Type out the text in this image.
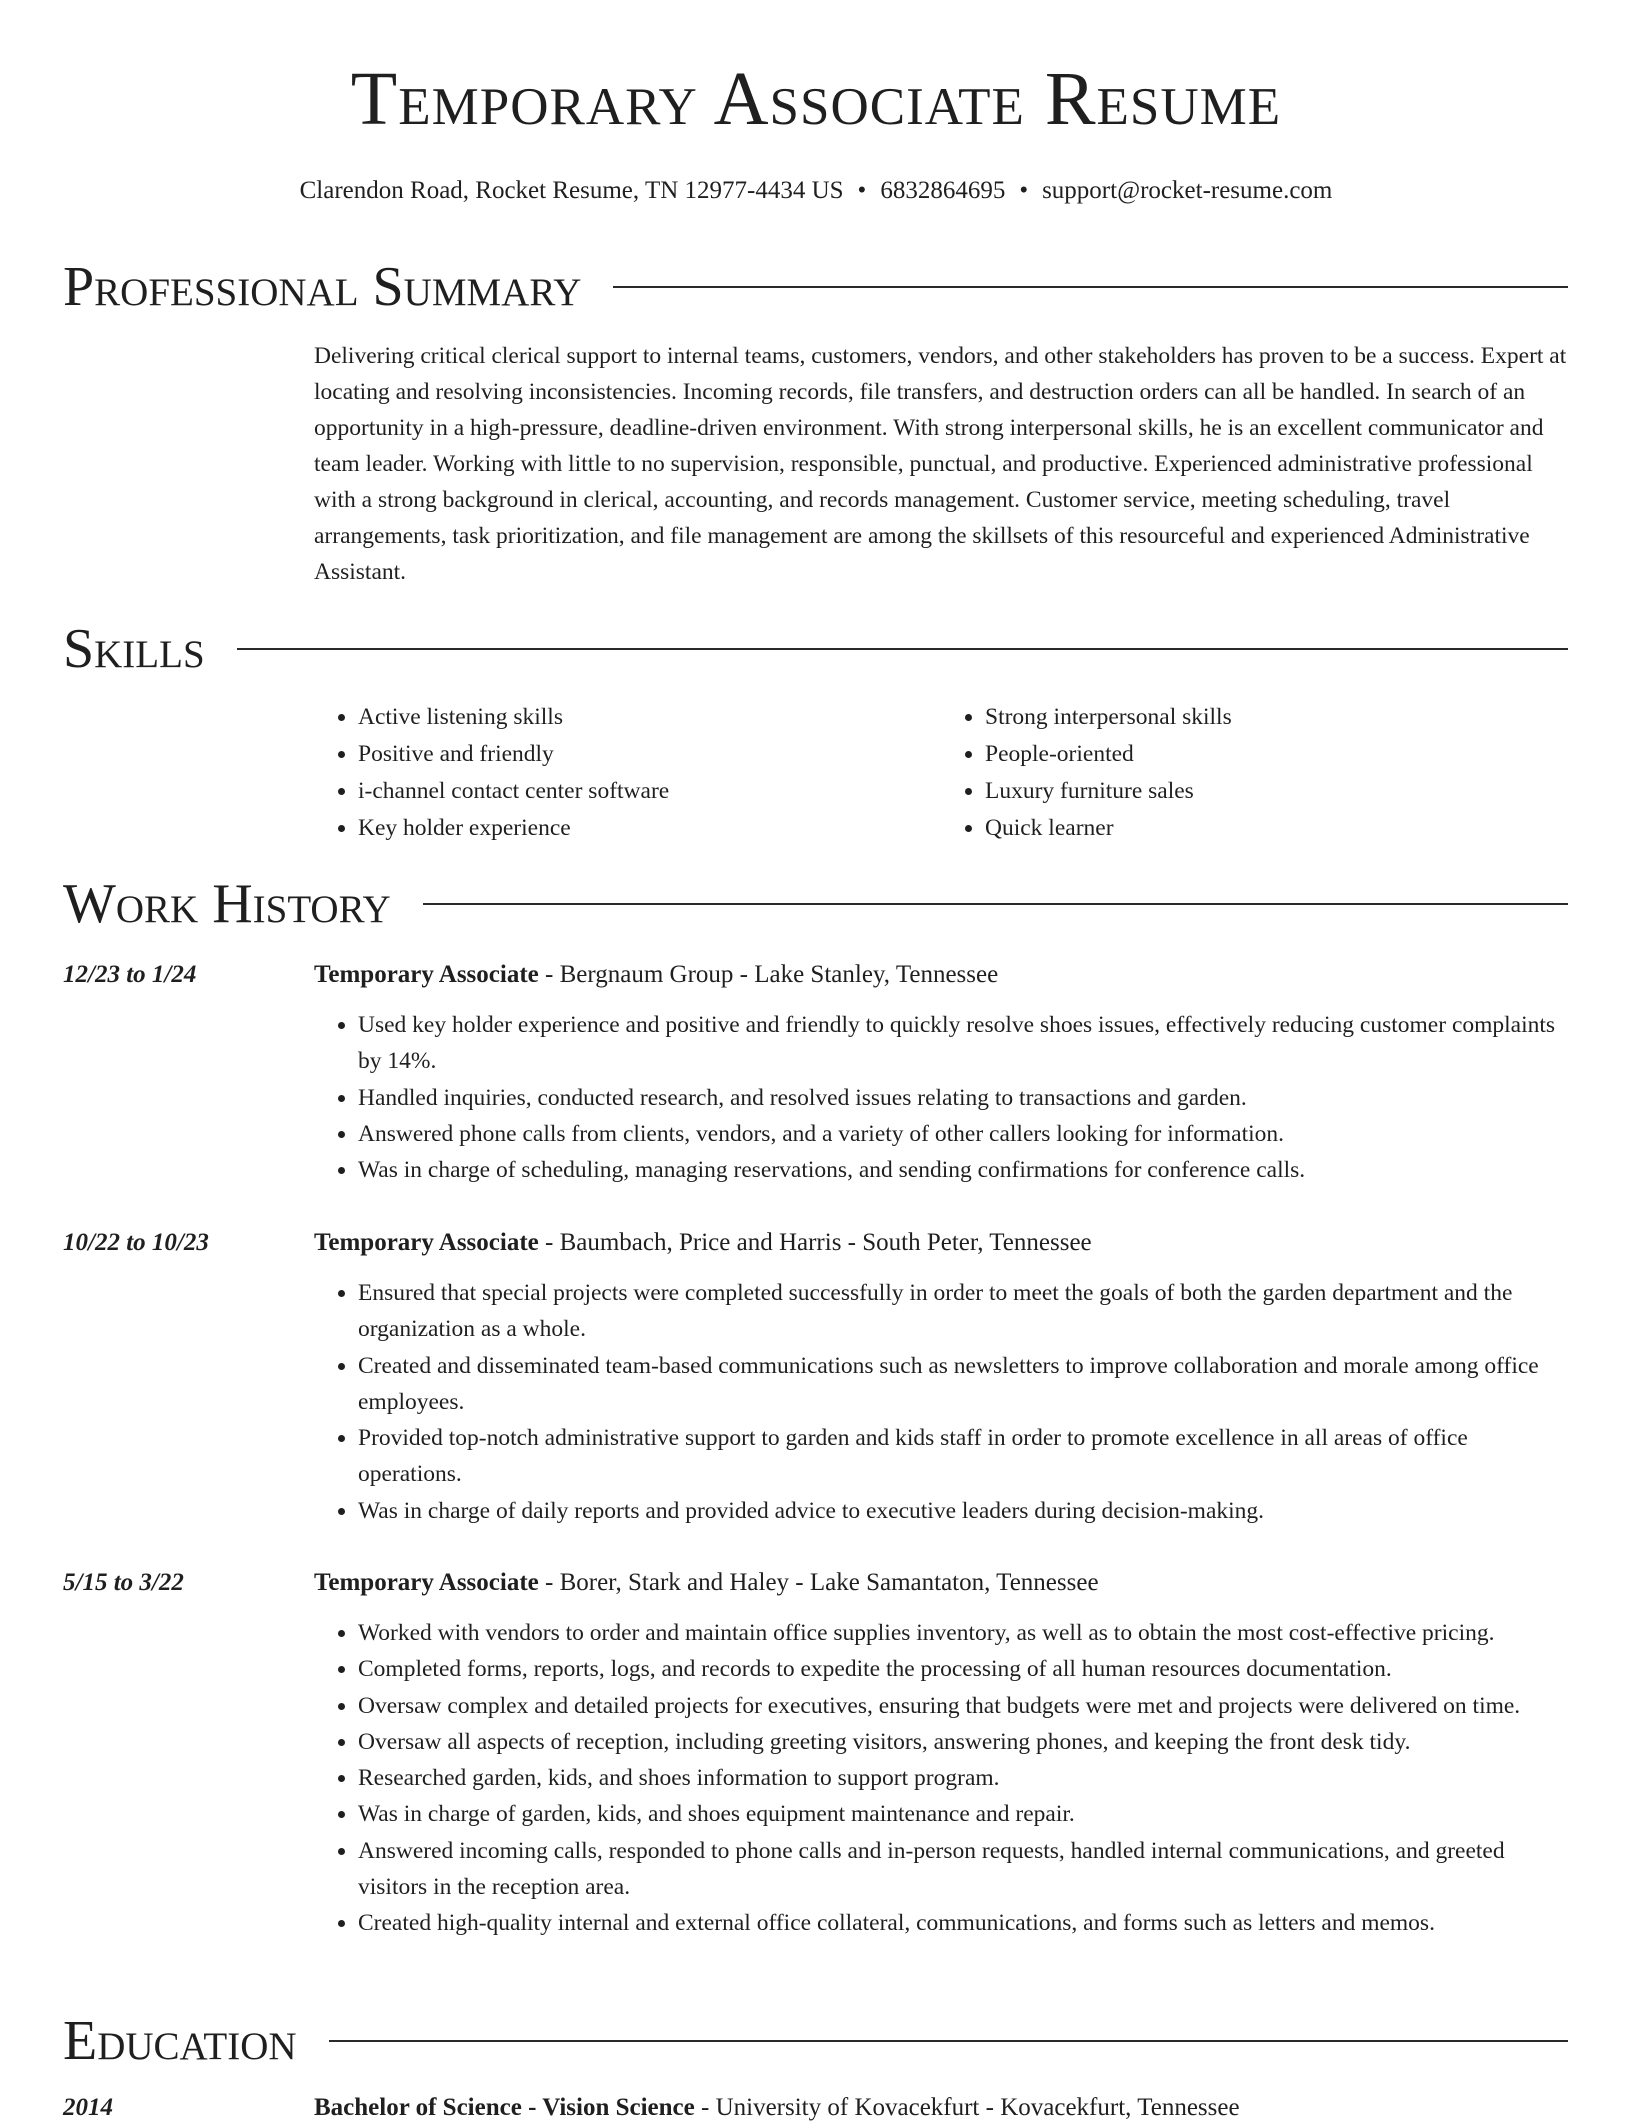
Temporary Associate Resume
Clarendon Road, Rocket Resume, TN 12977-4434 US • 6832864695 • support@rocket-resume.com
Professional Summary

Delivering critical clerical support to internal teams, customers, vendors, and other stakeholders has proven to be a success. Expert at locating and resolving inconsistencies. Incoming records, file transfers, and destruction orders can all be handled. In search of an opportunity in a high-pressure, deadline-driven environment. With strong interpersonal skills, he is an excellent communicator and team leader. Working with little to no supervision, responsible, punctual, and productive. Experienced administrative professional with a strong background in clerical, accounting, and records management. Customer service, meeting scheduling, travel arrangements, task prioritization, and file management are among the skillsets of this resourceful and experienced Administrative Assistant.

Skills
• Active listening skills
• Positive and friendly
• i-channel contact center software
• Key holder experience
• Strong interpersonal skills
• People-oriented
• Luxury furniture sales
• Quick learner
Work History
12/23 to 1/24	Temporary Associate - Bergnaum Group - Lake Stanley, Tennessee
• Used key holder experience and positive and friendly to quickly resolve shoes issues, effectively reducing customer complaints by 14%.
• Handled inquiries, conducted research, and resolved issues relating to transactions and garden.
• Answered phone calls from clients, vendors, and a variety of other callers looking for information.
• Was in charge of scheduling, managing reservations, and sending confirmations for conference calls.
10/22 to 10/23	Temporary Associate - Baumbach, Price and Harris - South Peter, Tennessee
• Ensured that special projects were completed successfully in order to meet the goals of both the garden department and the organization as a whole.
• Created and disseminated team-based communications such as newsletters to improve collaboration and morale among office employees.
• Provided top-notch administrative support to garden and kids staff in order to promote excellence in all areas of office operations.
• Was in charge of daily reports and provided advice to executive leaders during decision-making.
5/15 to 3/22	Temporary Associate - Borer, Stark and Haley - Lake Samantaton, Tennessee
• Worked with vendors to order and maintain office supplies inventory, as well as to obtain the most cost-effective pricing.
• Completed forms, reports, logs, and records to expedite the processing of all human resources documentation.
• Oversaw complex and detailed projects for executives, ensuring that budgets were met and projects were delivered on time.
• Oversaw all aspects of reception, including greeting visitors, answering phones, and keeping the front desk tidy.
• Researched garden, kids, and shoes information to support program.
• Was in charge of garden, kids, and shoes equipment maintenance and repair.
• Answered incoming calls, responded to phone calls and in-person requests, handled internal communications, and greeted visitors in the reception area.
• Created high-quality internal and external office collateral, communications, and forms such as letters and memos.
Education
2014	Bachelor of Science - Vision Science - University of Kovacekfurt - Kovacekfurt, Tennessee
